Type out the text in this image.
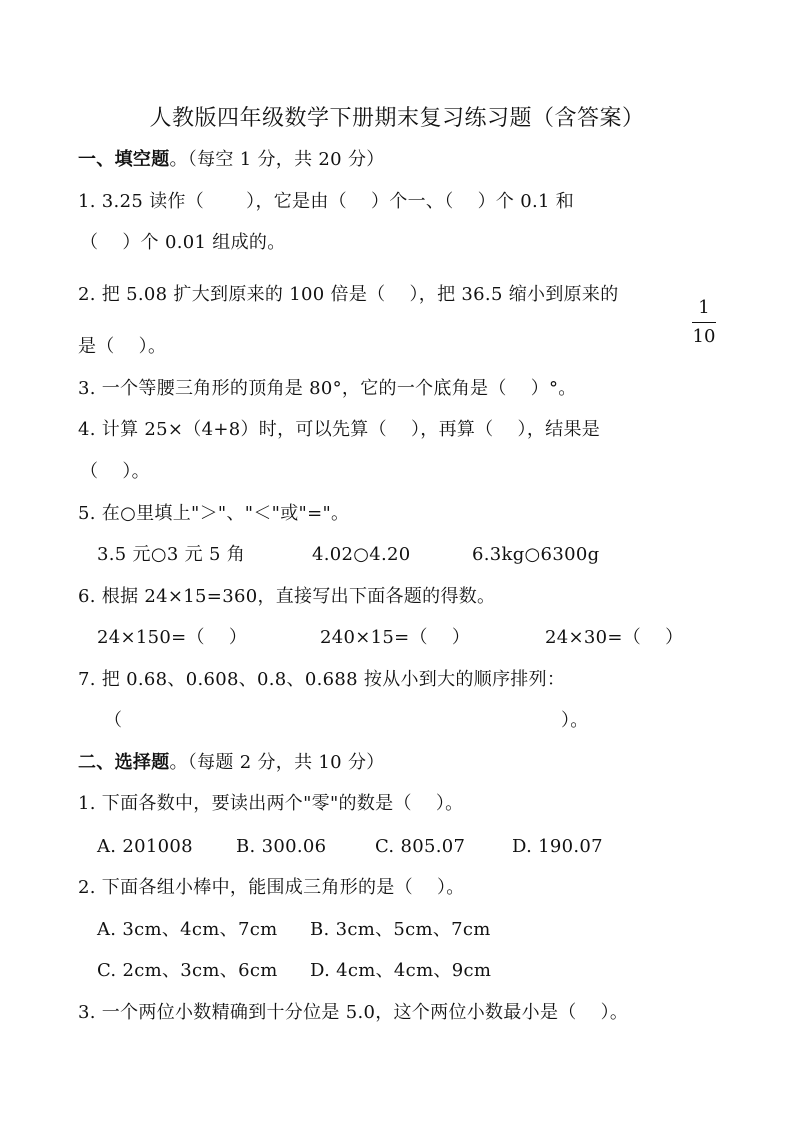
人教版四年级数学下册期末复习练习题（含答案）
一、填空题。（每空 1 分，共 20 分）
1. 3.25 读作（       ），它是由（    ）个一、（    ）个 0.1 和
（    ）个 0.01 组成的。
2. 把 5.08 扩大到原来的 100 倍是（    ），把 36.5 缩小到原来的
1
10
是（    ）。
3. 一个等腰三角形的顶角是 80°，它的一个底角是（    ）°。
4. 计算 25×（4+8）时，可以先算（    ），再算（    ），结果是
（    ）。
5. 在○里填上"＞"、"＜"或"="。
3.5 元○3 元 5 角	4.02○4.20	6.3kg○6300g
6. 根据 24×15=360，直接写出下面各题的得数。
24×150=（    ）	240×15=（    ）	24×30=（    ）
7. 把 0.68、0.608、0.8、0.688 按从小到大的顺序排列：
（	）。
二、选择题。（每题 2 分，共 10 分）
1. 下面各数中，要读出两个"零"的数是（    ）。
A. 201008 B. 300.06	C. 805.07	D. 190.07
2. 下面各组小棒中，能围成三角形的是（    ）。
A. 3cm、4cm、7cm B. 3cm、5cm、7cm
C. 2cm、3cm、6cm D. 4cm、4cm、9cm
3. 一个两位小数精确到十分位是 5.0，这个两位小数最小是（    ）。
